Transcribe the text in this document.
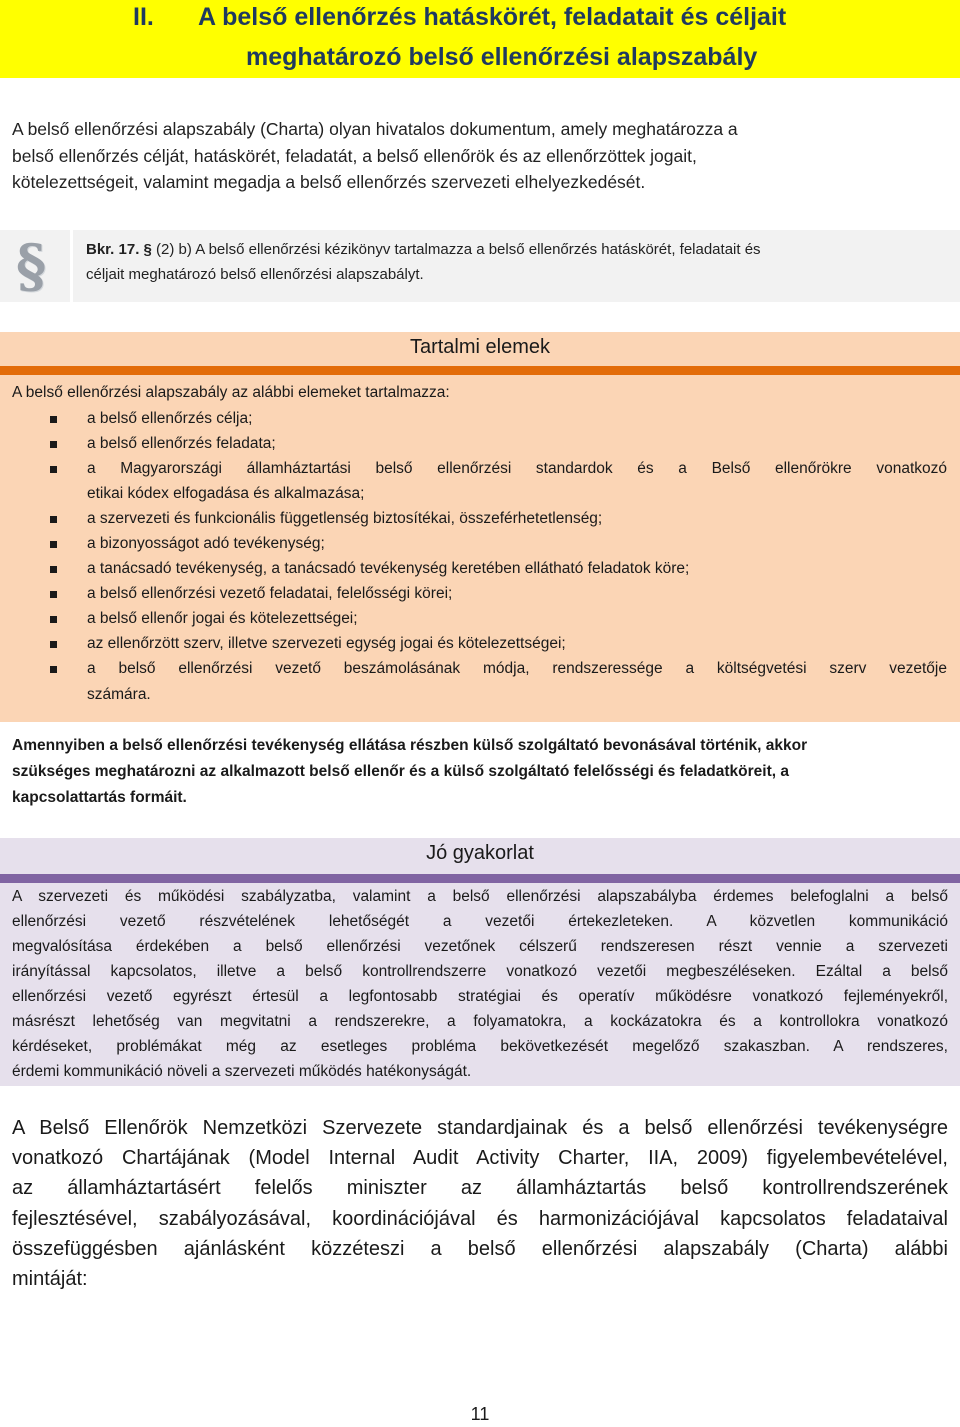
II. A belső ellenőrzés hatáskörét, feladatait és céljait
meghatározó belső ellenőrzési alapszabály
A belső ellenőrzési alapszabály (Charta) olyan hivatalos dokumentum, amely meghatározza a
belső ellenőrzés célját, hatáskörét, feladatát, a belső ellenőrök és az ellenőrzöttek jogait,
kötelezettségeit, valamint megadja a belső ellenőrzés szervezeti elhelyezkedését.
§	Bkr. 17. § (2) b) A belső ellenőrzési kézikönyv tartalmazza a belső ellenőrzés hatáskörét, feladatait és
céljait meghatározó belső ellenőrzési alapszabályt.
Tartalmi elemek
A belső ellenőrzési alapszabály az alábbi elemeket tartalmazza:
a belső ellenőrzés célja;
a belső ellenőrzés feladata;
a Magyarországi államháztartási belső ellenőrzési standardok és a Belső ellenőrökre vonatkozó
etikai kódex elfogadása és alkalmazása;
a szervezeti és funkcionális függetlenség biztosítékai, összeférhetetlenség;
a bizonyosságot adó tevékenység;
a tanácsadó tevékenység, a tanácsadó tevékenység keretében ellátható feladatok köre;
a belső ellenőrzési vezető feladatai, felelősségi körei;
a belső ellenőr jogai és kötelezettségei;
az ellenőrzött szerv, illetve szervezeti egység jogai és kötelezettségei;
a belső ellenőrzési vezető beszámolásának módja, rendszeressége a költségvetési szerv vezetője
számára.
Amennyiben a belső ellenőrzési tevékenység ellátása részben külső szolgáltató bevonásával történik, akkor
szükséges meghatározni az alkalmazott belső ellenőr és a külső szolgáltató felelősségi és feladatköreit, a
kapcsolattartás formáit.
Jó gyakorlat
A szervezeti és működési szabályzatba, valamint a belső ellenőrzési alapszabályba érdemes belefoglalni a belső
ellenőrzési vezető részvételének lehetőségét a vezetői értekezleteken. A közvetlen kommunikáció
megvalósítása érdekében a belső ellenőrzési vezetőnek célszerű rendszeresen részt vennie a szervezeti
irányítással kapcsolatos, illetve a belső kontrollrendszerre vonatkozó vezetői megbeszéléseken. Ezáltal a belső
ellenőrzési vezető egyrészt értesül a legfontosabb stratégiai és operatív működésre vonatkozó fejleményekről,
másrészt lehetőség van megvitatni a rendszerekre, a folyamatokra, a kockázatokra és a kontrollokra vonatkozó
kérdéseket, problémákat még az esetleges probléma bekövetkezését megelőző szakaszban. A rendszeres,
érdemi kommunikáció növeli a szervezeti működés hatékonyságát.
A Belső Ellenőrök Nemzetközi Szervezete standardjainak és a belső ellenőrzési tevékenységre
vonatkozó Chartájának (Model Internal Audit Activity Charter, IIA, 2009) figyelembevételével,
az államháztartásért felelős miniszter az államháztartás belső kontrollrendszerének
fejlesztésével, szabályozásával, koordinációjával és harmonizációjával kapcsolatos feladataival
összefüggésben ajánlásként közzéteszi a belső ellenőrzési alapszabály (Charta) alábbi
mintáját:
11
